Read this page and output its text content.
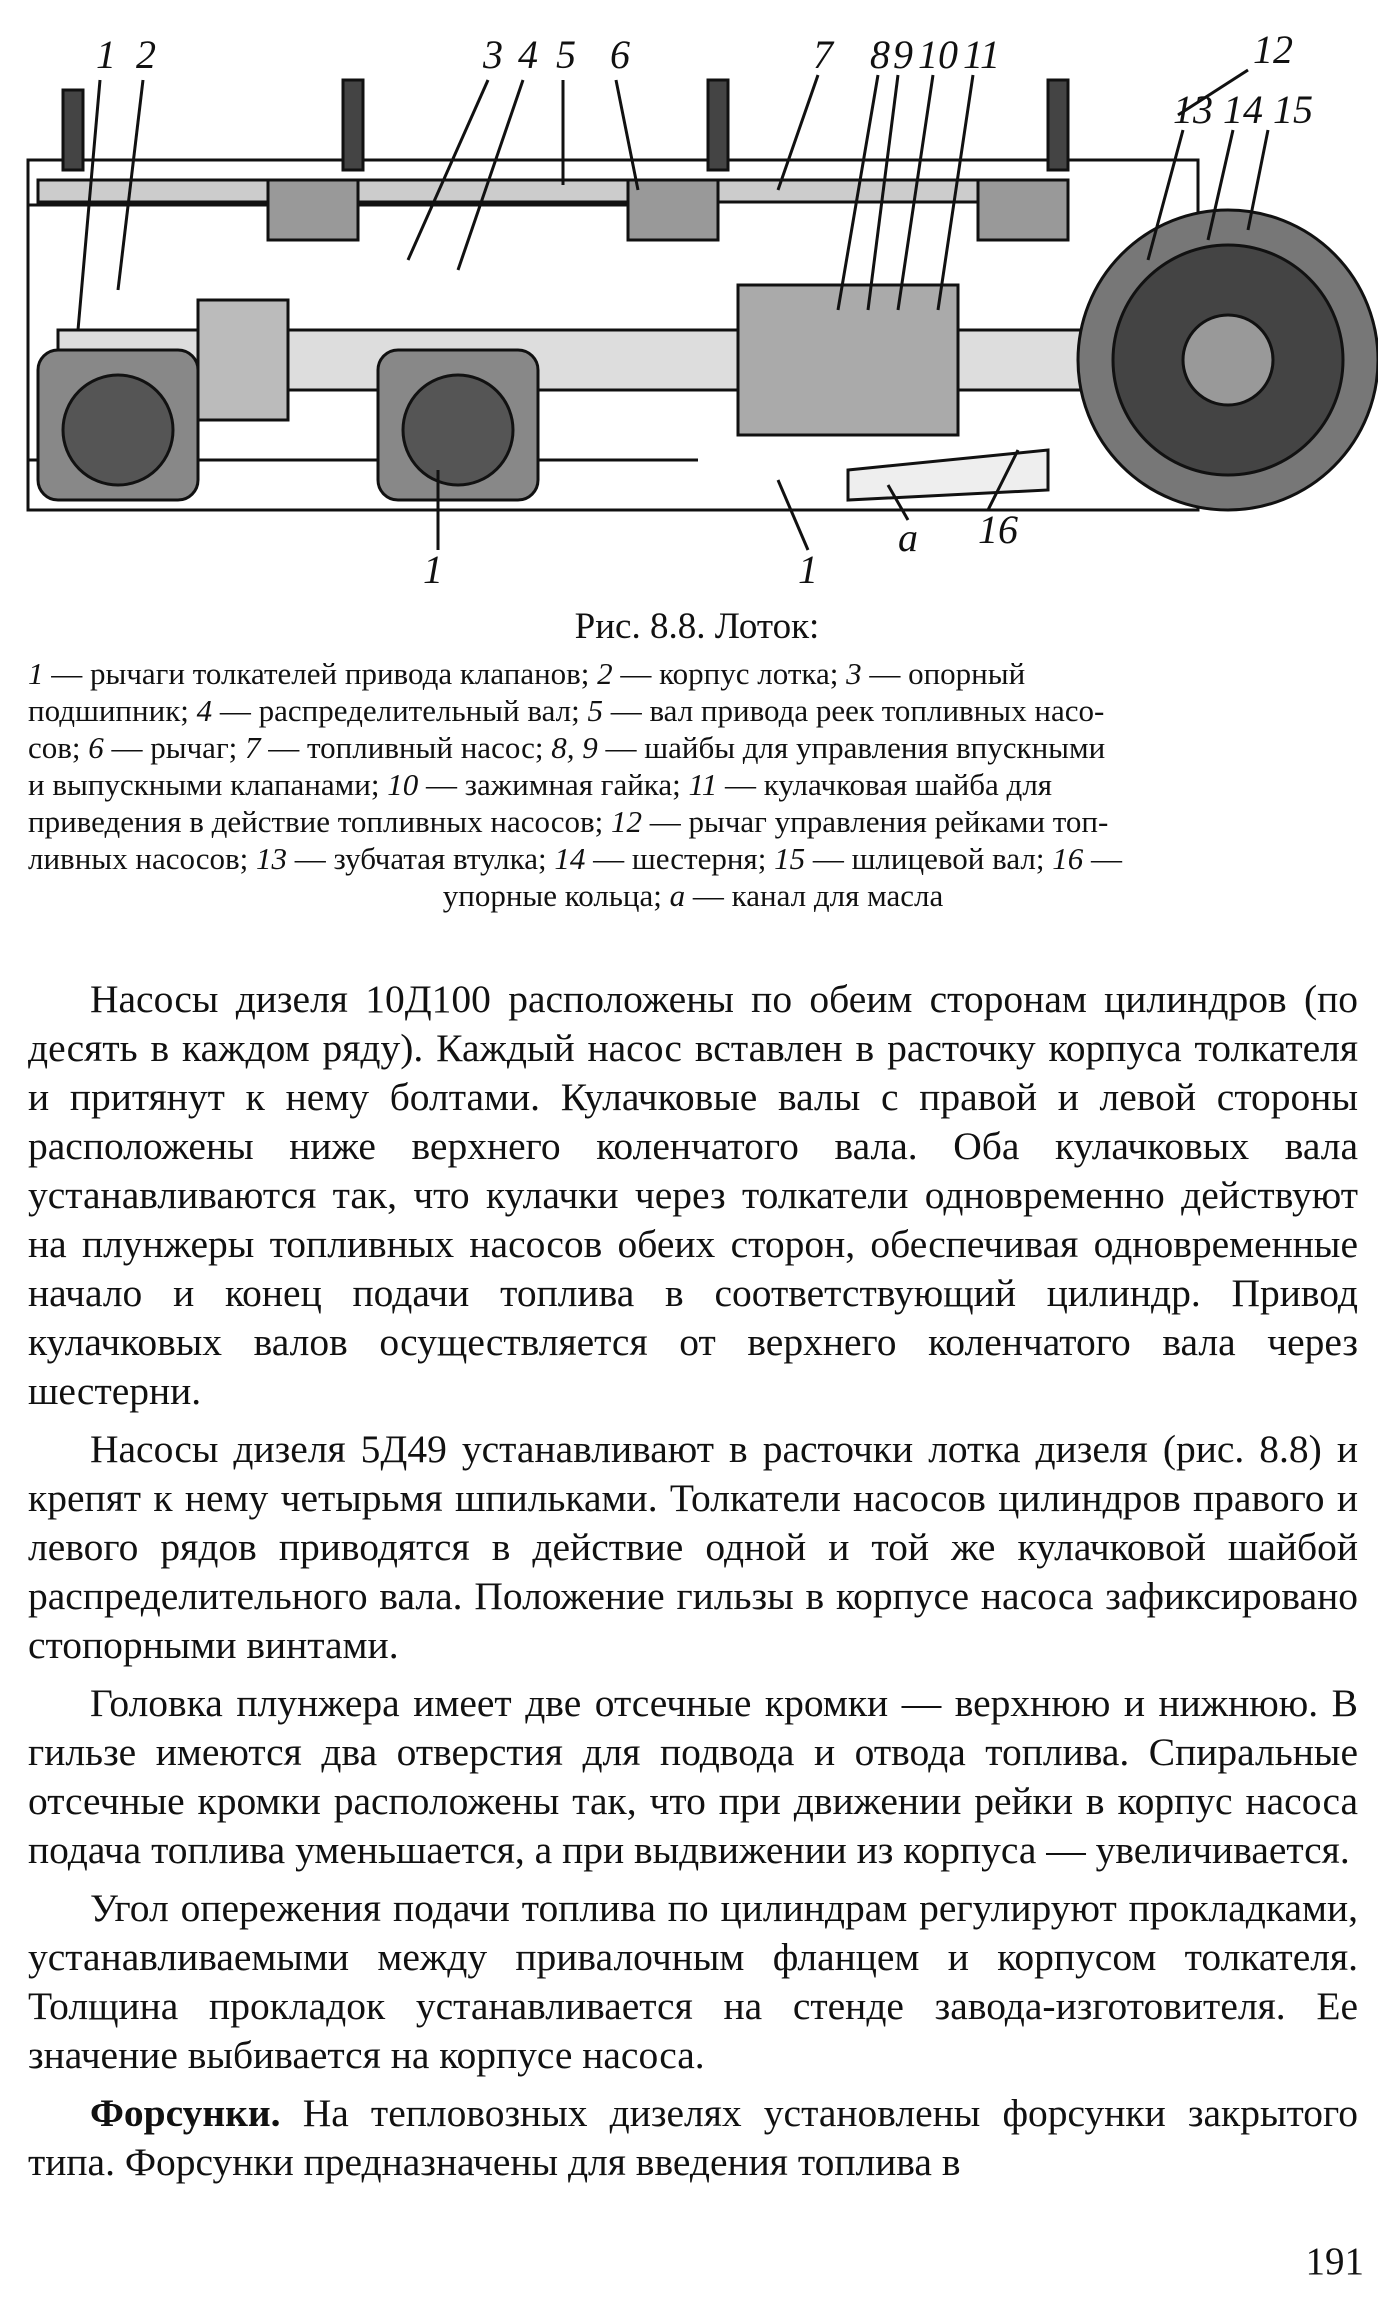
1 2	3 4 5 6	7 8 9 10 11	12
13 14 15
1	1
а 16
Рис. 8.8. Лоток:

1 — рычаги толкателей привода клапанов; 2 — корпус лотка; 3 — опорный

подшипник; 4 — распределительный вал; 5 — вал привода реек топливных насо-

сов; 6 — рычаг; 7 — топливный насос; 8, 9 — шайбы для управления впускными

и выпускными клапанами; 10 — зажимная гайка; 11 — кулачковая шайба для

приведения в действие топливных насосов; 12 — рычаг управления рейками топ-

ливных насосов; 13 — зубчатая втулка; 14 — шестерня; 15 — шлицевой вал; 16 —

упорные кольца; а — канал для масла

Насосы дизеля 10Д100 расположены по обеим сторонам цилиндров (по десять в каждом ряду). Каждый насос вставлен в расточку корпуса толкателя и притянут к нему болтами. Кулачковые валы с правой и левой стороны расположены ниже верхнего коленчатого вала. Оба кулачковых вала устанавливаются так, что кулачки через толкатели одновременно действуют на плунжеры топливных насосов обеих сторон, обеспечивая одновременные начало и конец подачи топлива в соответствующий цилиндр. Привод кулачковых валов осуществляется от верхнего коленчатого вала через шестерни.

Насосы дизеля 5Д49 устанавливают в расточки лотка дизеля (рис. 8.8) и крепят к нему четырьмя шпильками. Толкатели насосов цилиндров правого и левого рядов приводятся в действие одной и той же кулачковой шайбой распределительного вала. Положение гильзы в корпусе насоса зафиксировано стопорными винтами.

Головка плунжера имеет две отсечные кромки — верхнюю и нижнюю. В гильзе имеются два отверстия для подвода и отвода топлива. Спиральные отсечные кромки расположены так, что при движении рейки в корпус насоса подача топлива уменьшается, а при выдвижении из корпуса — увеличивается.

Угол опережения подачи топлива по цилиндрам регулируют прокладками, устанавливаемыми между привалочным фланцем и корпусом толкателя. Толщина прокладок устанавливается на стенде завода-изготовителя. Ее значение выбивается на корпусе насоса.

Форсунки. На тепловозных дизелях установлены форсунки закрытого типа. Форсунки предназначены для введения топлива в

191
